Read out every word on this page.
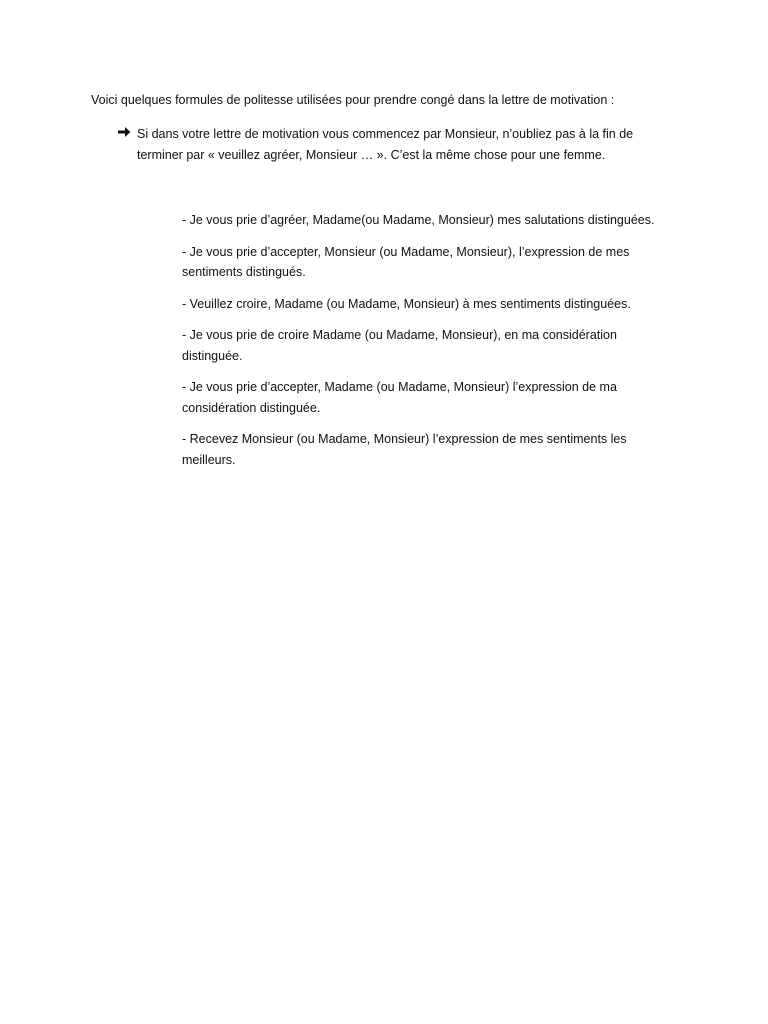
Voici quelques formules de politesse utilisées pour prendre congé dans la lettre de motivation :

Si dans votre lettre de motivation vous commencez par Monsieur, n’oubliez pas à la fin de terminer par « veuillez agréer, Monsieur … ». C’est la même chose pour une femme.

- Je vous prie d’agréer, Madame(ou Madame, Monsieur) mes salutations distinguées.
- Je vous prie d’accepter, Monsieur (ou Madame, Monsieur), l’expression de mes sentiments distingués.
- Veuillez croire, Madame (ou Madame, Monsieur) à mes sentiments distinguées.
- Je vous prie de croire Madame (ou Madame, Monsieur), en ma considération distinguée.
- Je vous prie d’accepter, Madame (ou Madame, Monsieur) l’expression de ma considération distinguée.
- Recevez Monsieur (ou Madame, Monsieur) l’expression de mes sentiments les meilleurs.
